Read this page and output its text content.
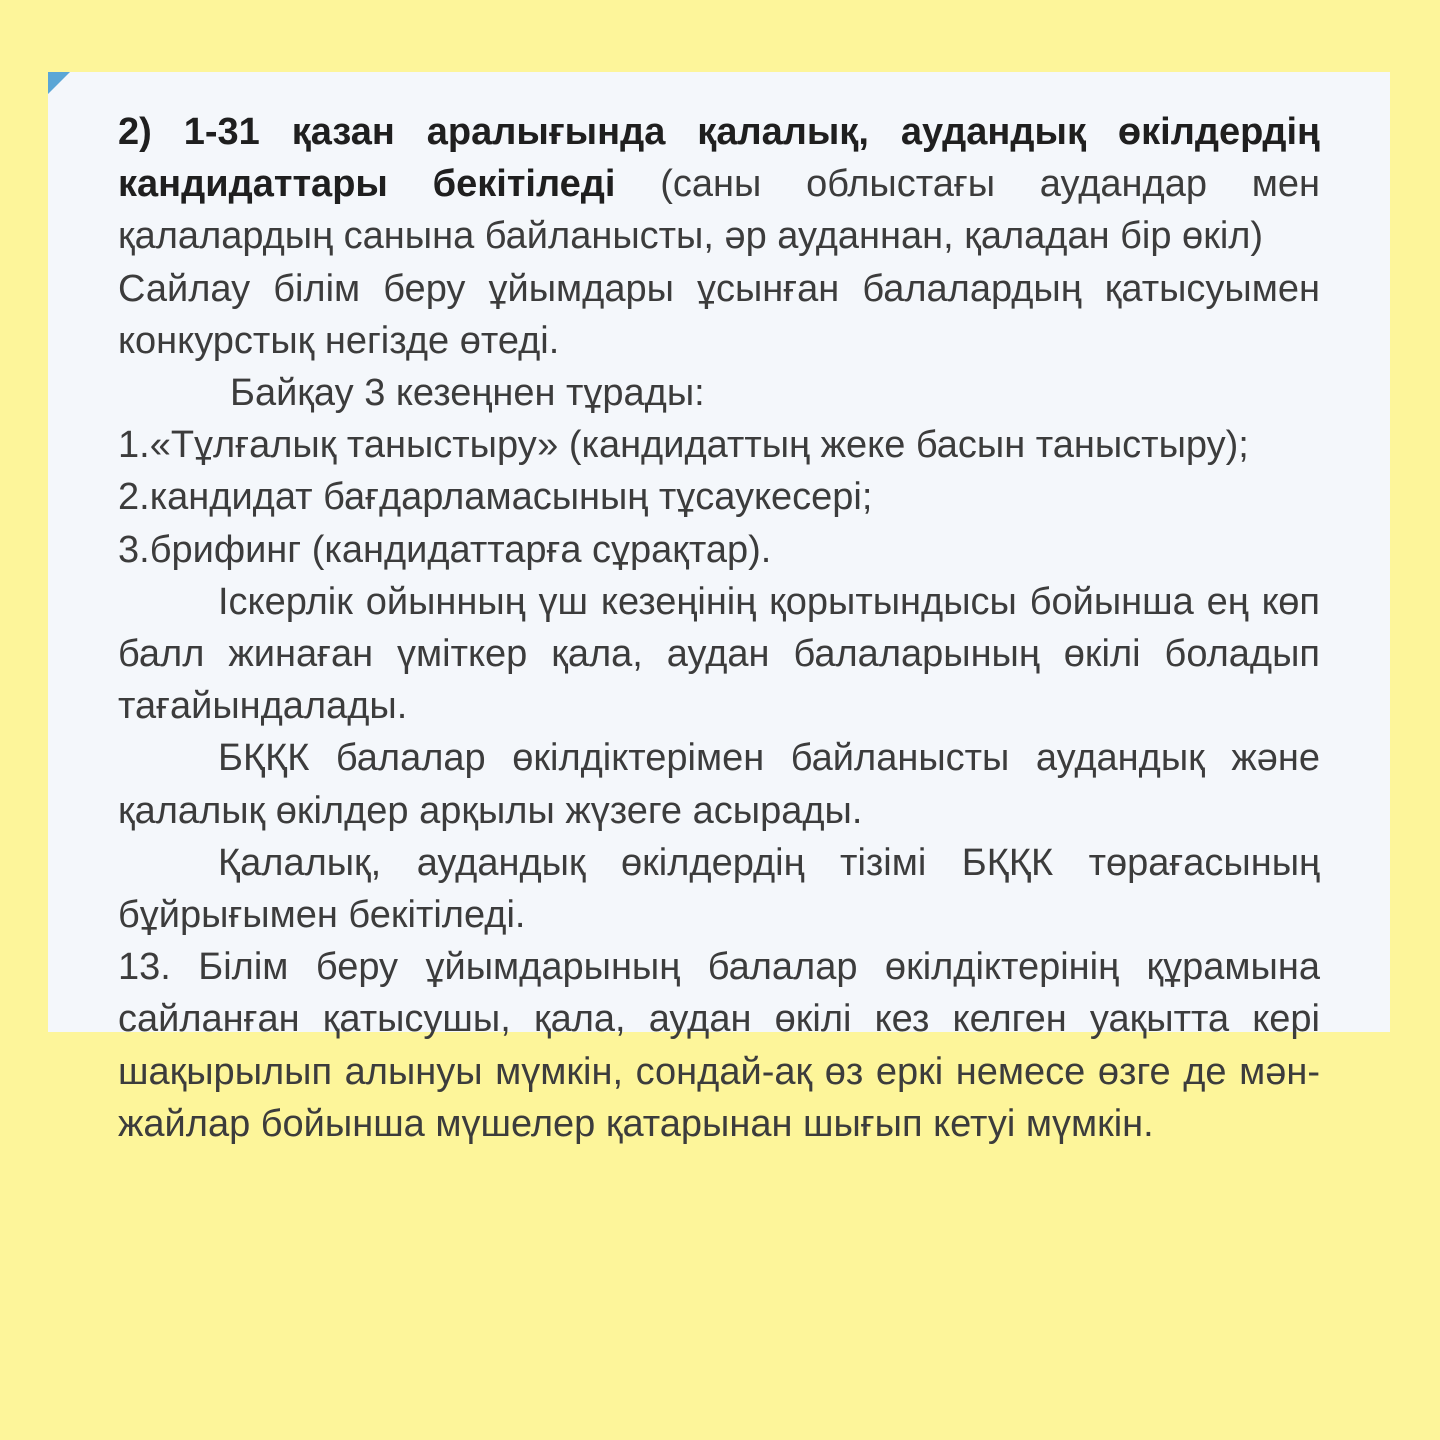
2) 1-31 қазан аралығында қалалық, аудандық өкілдердің кандидаттары бекітіледі (саны облыстағы аудандар мен қалалардың санына байланысты, әр ауданнан, қаладан бір өкіл)

Сайлау білім беру ұйымдары ұсынған балалардың қатысуымен конкурстық негізде өтеді.

Байқау 3 кезеңнен тұрады:

1.«Тұлғалық таныстыру» (кандидаттың жеке басын таныстыру);

2.кандидат бағдарламасының тұсаукесері;

3.брифинг (кандидаттарға сұрақтар).

Іскерлік ойынның үш кезеңінің қорытындысы бойынша ең көп балл жинаған үміткер қала, аудан балаларының өкілі боладып тағайындалады.

БҚҚК балалар өкілдіктерімен байланысты аудандық және қалалық өкілдер арқылы жүзеге асырады.

Қалалық, аудандық өкілдердің тізімі БҚҚК төрағасының бұйрығымен бекітіледі.

13. Білім беру ұйымдарының балалар өкілдіктерінің құрамына сайланған қатысушы, қала, аудан өкілі кез келген уақытта кері шақырылып алынуы мүмкін, сондай-ақ өз еркі немесе өзге де мән-жайлар бойынша мүшелер қатарынан шығып кетуі мүмкін.
